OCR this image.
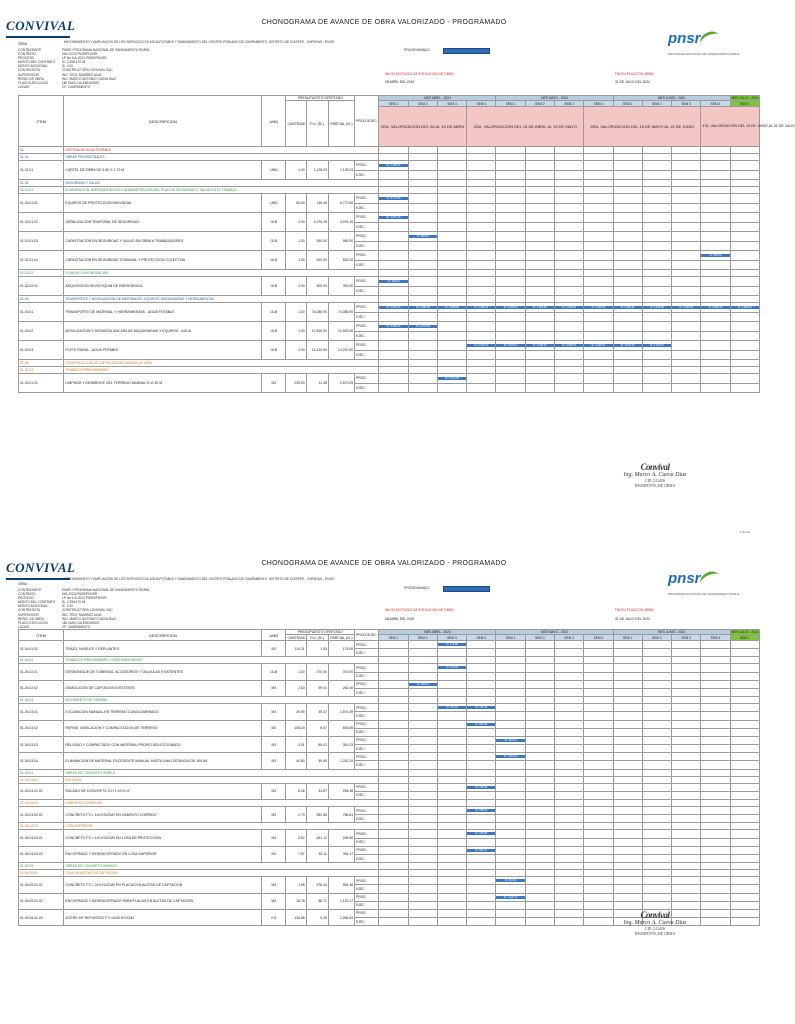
CONVIVAL	CHONOGRAMA DE AVANCE DE OBRA VALORIZADO - PROGRAMADO
pnsr
PROGRAMA NACIONAL DE SANEAMIENTO RURAL
OBRA	MEJORAMIENTO Y AMPLIACION DE LOS SERVICIOS DE AGUA POTABLE Y SANEAMIENTO DEL CENTRO POBLADO DE CAMPAMENTO, DISTRITO DE CUISPES - CHIPAYAS - PUNO
CONTRATANTE	PNSR / PROGRAMA NACIONAL DE SANEAMIENTO RURAL
CONTRATO	045-2023-PNSR/PNVSR
PROCESO	LP No 5-A-2023-PNSR/PNVSR
MONTO DEL CONTRATO S/. 2,358,470.04
MONTO ADICIONAL	S/. 0.00
CONTRATISTA	CONSTRUCTORA CONVIVAL SAC
SUPERVISOR	ING. TEDY RAMIREZ ALVA
RESID. DE OBRA	ING. MARCO ANTONIO CUEVA DIAZ
PLAZO EJECUCION	180 DIAS CALENDARIOS
LUGAR	CP. CAMPAMENTO
PROGRAMADO
INICIO EN PLAZO DE EJECUCION DE OBRA
08 ABRIL DEL 2024
FIN EN PLAZO DE OBRA
31 DE JULIO DEL 2024
ITEM	DESCRIPCION	UND	PRESUPUESTO OFERTADO			PROG./EJEC.	MES ABRIL - 2024				MES MAYO - 2024				MES JUNIO - 2024				MES JULIO - 2024
			CANTIDAD	P.U. (S/.)	PARCIAL (S/.)		SEM 1	SEM 2	SEM 3	SEM 4	SEM 1	SEM 2	SEM 3	SEM 4	SEM 1	SEM 2	SEM 3	SEM 4	SEM 1
							1RA. VALORIZACION DEL 08 AL 15 DE ABRIL			2DA. VALORIZACION DEL 15 DE ABRIL AL 15 DE MAYO				3RA. VALORIZACION DEL 15 DE MAYO AL 15 DE JUNIO				4TA. VALORIZACION DEL 15 DE JUNIO AL 01 DE JULIO	
01	SISTEMA DE AGUA POTABLE																		
01.01	OBRAS PROVISIONALES																		
01.01.01	CARTEL DE OBRA DE 3.60 X 2.70 M	UND	1.00	1,128.03	1,128.03	PROG.	S/. 1,128.03												

						EJEC.													
01.02	SEGURIDAD Y SALUD																		
01.02.01	ELABORACION, IMPLEMENTACION Y ADMINISTRACION DEL PLAN DE SEGURIDAD Y SALUD EN EL TRABAJO																		
01.02.01.01	EQUIPOS DE PROTECCION INDIVIDUAL	UND	50.00	135.45	6,772.50	PROG.	S/. 6,772.50												

						EJEC.													
01.02.01.02	SEÑALIZACION TEMPORAL DE SEGURIDAD	GLB	1.00	4,076.15	4,076.15	PROG.	S/. 4,076.15												

						EJEC.													
01.02.01.03	CAPACITACION EN SEGURIDAD Y SALUD EN OBRA A TRABAJADORES	GLB	1.00	950.00	950.00	PROG.		S/. 950.00											

						EJEC.													
01.02.01.04	CAPACITACION EN SEGURIDAD COMUNAL Y PROTECCION COLECTIVA	GLB	1.00	520.00	520.00	PROG.												S/. 520.00	

						EJEC.													
01.02.02	PLAN DE CONTINGENCIAS																		
01.02.02.01	ADQUISICION DE BOTIQUIN DE EMERGENCIA	GLB	1.00	300.00	300.00	PROG.	S/. 300.00												

						EJEC.													
01.03	TRANSPORTE Y MOVILIZACION DE MATERIALES, EQUIPOS, MAQUINARIAS Y HERRAMIENTAS																		
01.03.01	TRANSPORTE DE MATERIAL Y HERRAMIENTAS - AGUA POTABLE	GLB	1.00	74,085.90	74,085.90	PROG.	S/. 5,698.90	S/. 5,698.90	S/. 5,698.90	S/. 5,698.90	S/. 5,698.90	S/. 5,698.90	S/. 5,698.90	S/. 5,698.90	S/. 5,698.90	S/. 5,698.90	S/. 5,698.90	S/. 5,698.90	S/. 5,698.90

						EJEC.													
01.03.02	MOVILIZACION Y DESMOVILIZACION DE MAQUINARIAS Y EQUIPOS - AGUA	GLB	1.00	12,600.00	12,600.00	PROG.	S/. 6,300.00	S/. 6,300.00											

						EJEC.													
01.03.03	FLETE RURAL - AGUA POTABLE	GLB	1.00	14,210.50	14,210.50	PROG.				S/. 2,030.07	S/. 2,030.07	S/. 2,030.07	S/. 2,030.07	S/. 2,030.07	S/. 2,030.07	S/. 2,030.07			

						EJEC.													
01.04	CONSTRUCCION DE CAPTACION DE LADERA (01 UND)																		
01.04.01	TRABAJOS PRELIMINARES																		
01.04.01.01	LIMPIEZA Y DESBROCE DEL TERRENO MANUAL E=0.30 M	M2	225.53	11.38	2,573.05	PROG.			S/. 2,573.05										

						EJEC.													
Convival
Ing. Marco A. Cueva Diaz
CIP. 123456
RESIDENTE DE OBRA
1 de 10
CONVIVAL	CHONOGRAMA DE AVANCE DE OBRA VALORIZADO - PROGRAMADO
pnsr
PROGRAMA NACIONAL DE SANEAMIENTO RURAL
OBRA
MEJORAMIENTO Y AMPLIACION DE LOS SERVICIOS DE AGUA POTABLE Y SANEAMIENTO DEL CENTRO POBLADO DE CAMPAMENTO, DISTRITO DE CUISPES - CHIPAYAS - PUNO
CONTRATANTE	PNSR / PROGRAMA NACIONAL DE SANEAMIENTO RURAL
CONTRATO	045-2023-PNSR/PNVSR
PROCESO	LP No 5-A-2023-PNSR/PNVSR
MONTO DEL CONTRATO S/. 2,358,470.04
MONTO ADICIONAL	S/. 0.00
CONTRATISTA	CONSTRUCTORA CONVIVAL SAC
SUPERVISOR	ING. TEDY RAMIREZ ALVA
RESID. DE OBRA	ING. MARCO ANTONIO CUEVA DIAZ
PLAZO EJECUCION	180 DIAS CALENDARIOS
LUGAR	CP. CAMPAMENTO
PROGRAMADO
INICIO EN PLAZO DE EJECUCION DE OBRA
08 ABRIL DEL 2024
FIN EN PLAZO DE OBRA
31 DE JULIO DEL 2024
ITEM	DESCRIPCION	UND	PRESUPUESTO OFERTADO			PROG./EJEC.	MES ABRIL - 2024				MES MAYO - 2024				MES JUNIO - 2024				MES JULIO - 2024
			CANTIDAD	P.U. (S/.)	PARCIAL (S/.)		SEM 1	SEM 2	SEM 3	SEM 4	SEM 1	SEM 2	SEM 3	SEM 4	SEM 1	SEM 2	SEM 3	SEM 4	SEM 1
01.04.01.02	TRAZO, NIVELES Y REPLANTEO	M2	114.31	1.53	174.89	PROG.			S/. 174.89										

						EJEC.													
01.04.02	TRABAJOS PRELIMINARES COMPLEMENTARIOS																		
01.04.02.01	DESMONTAJE DE TUBERIAS, ACCESORIOS Y VALVULAS EXISTENTES	GLB	1.00	370.00	370.00	PROG.			S/. 370.00										

						EJEC.													
01.04.02.02	DEMOLICION DE CAPTACION EXISTENTE	M3	2.63	99.01	260.40	PROG.		S/. 260.40											

						EJEC.													
01.04.03	MOVIMIENTO DE TIERRAS																		
01.04.03.01	EXCAVACION MANUAL EN TERRENO CONGLOMERADO	M3	39.99	39.37	1,574.39	PROG.			S/. 787.20	S/. 787.20									

						EJEC.													
01.04.03.02	REFINE, NIVELACION Y COMPACTACION DE TERRENO	M2	105.43	6.57	692.68	PROG.				S/. 692.68									

						EJEC.													
01.04.03.03	RELLENO Y COMPACTADO CON MATERIAL PROPIO SELECCIONADO	M3	3.91	89.01	351.03	PROG.					S/. 351.03								

						EJEC.													
01.04.03.04	ELIMINACION DE MATERIAL EXCEDENTE MANUAL HASTA UNA DISTANCIA DE 100 ML	M3	40.80	30.69	1,252.34	PROG.					S/. 1,252.34								

						EJEC.													
01.04.04	OBRAS DE CONCRETO SIMPLE																		
01.04.04.01	SOLADOS																		
01.04.04.01.01	SOLADO DE CONCRETO C:H 1:10 E=4"	M2	8.06	31.57	254.46	PROG.				S/. 254.46									

						EJEC.													
01.04.04.02	CIMIENTOS CORRIDOS																		
01.04.04.02.01	CONCRETO F'C= 140 KG/CM2 EN CIMIENTO CORRIDO	M3	2.79	282.68	788.61	PROG.				S/. 788.61									

						EJEC.													
01.04.04.03	LOSA SUPERIOR																		
01.04.04.03.01	CONCRETO F'C= 140 KG/CM2 EN LOSA DE PROTECCION	M3	0.52	451.12	248.86	PROG.				S/. 248.86									

						EJEC.													
01.04.04.03.02	ENCOFRADO Y DESENCOFRADO EN LOSA SUPERIOR	M2	7.57	52.11	394.47	PROG.				S/. 394.47									

						EJEC.													
01.04.05	OBRAS DE CONCRETO ARMADO																		
01.04.05.01	CAJA EN ALETAS DE CAPTACION																		
01.04.05.01.01	CONCRETO F'C= 210 KG/CM2 EN PLACAS EN ALETAS DE CAPTACION	M3	1.65	578.40	954.36	PROG.					S/. 954.36								

						EJEC.													
01.04.05.01.02	ENCOFRADO Y DESENCOFRADO PARA PLACAS EN ALETAS DE CAPTACION	M2	16.78	58.71	1,120.17	PROG.					S/. 1,120.17								

						EJEC.													
01.04.05.01.03	ACERO DE REFUERZO F'Y=4200 KG/CM2	KG	136.85	9.26	1,266.94	PROG.													
						EJEC.													
Convival
Ing. Marco A. Cueva Diaz
CIP. 123456
RESIDENTE DE OBRA
